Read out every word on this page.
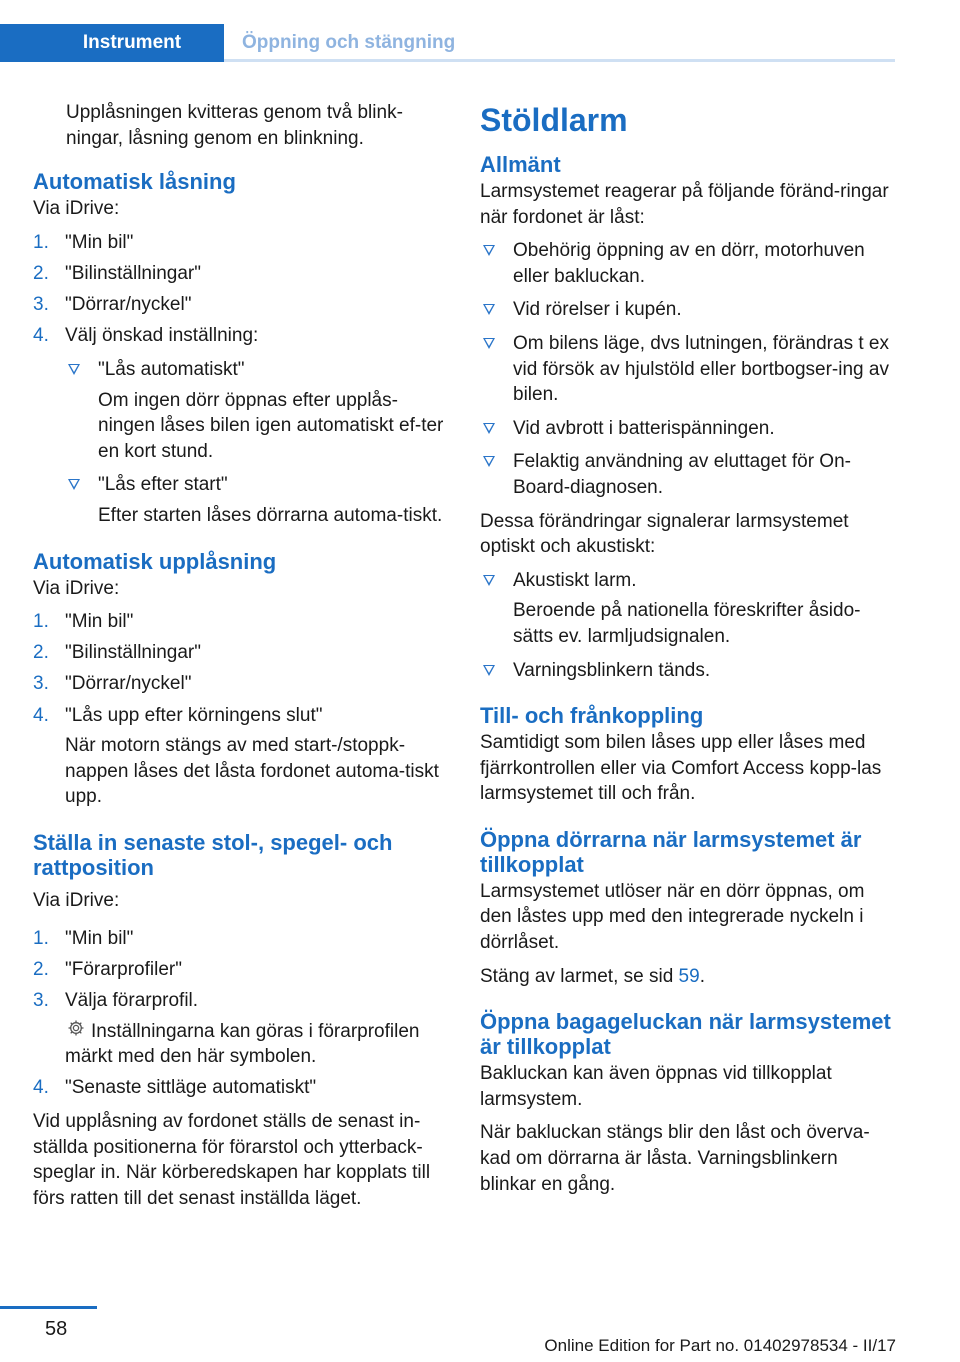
Instrument	Öppning och stängning

Upplåsningen kvitteras genom två blink‐ningar, låsning genom en blinkning.

Automatisk låsning

Via iDrive:

1. "Min bil"
2. "Bilinställningar"
3. "Dörrar/nyckel"
4. Välj önskad inställning:

"Lås automatiskt"

Om ingen dörr öppnas efter upplås‐ningen låses bilen igen automatiskt ef‐ter en kort stund.

"Lås efter start"

Efter starten låses dörrarna automa‐tiskt.

Automatisk upplåsning

Via iDrive:

1. "Min bil"
2. "Bilinställningar"
3. "Dörrar/nyckel"
4. "Lås upp efter körningens slut"

När motorn stängs av med start-/stoppk‐nappen låses det låsta fordonet automa‐tiskt upp.

Ställa in senaste stol-, spegel- och rattposition

Via iDrive:

1. "Min bil"
2. "Förarprofiler"
3. Välja förarprofil.

Inställningarna kan göras i förarprofilen märkt med den här symbolen.

4. "Senaste sittläge automatiskt"

Vid upplåsning av fordonet ställs de senast in‐ställda positionerna för förarstol och ytterback‐speglar in. När körberedskapen har kopplats till förs ratten till det senast inställda läget.

Stöldlarm
Allmänt

Larmsystemet reagerar på följande föränd‐ringar när fordonet är låst:

Obehörig öppning av en dörr, motorhuven eller bakluckan.
Vid rörelser i kupén.
Om bilens läge, dvs lutningen, förändras t ex vid försök av hjulstöld eller bortbogser‐ing av bilen.
Vid avbrott i batterispänningen.
Felaktig användning av eluttaget för On-Board-diagnosen.

Dessa förändringar signalerar larmsystemet optiskt och akustiskt:

Akustiskt larm.

Beroende på nationella föreskrifter åsido‐sätts ev. larmljudsignalen.

Varningsblinkern tänds.

Till- och frånkoppling

Samtidigt som bilen låses upp eller låses med fjärrkontrollen eller via Comfort Access kopp‐las larmsystemet till och från.

Öppna dörrarna när larmsystemet är tillkopplat

Larmsystemet utlöser när en dörr öppnas, om den låstes upp med den integrerade nyckeln i dörrlåset.

Stäng av larmet, se sid 59.

Öppna bagageluckan när larmsystemet är tillkopplat

Bakluckan kan även öppnas vid tillkopplat larmsystem.

När bakluckan stängs blir den låst och överva‐kad om dörrarna är låsta. Varningsblinkern blinkar en gång.

58
Online Edition for Part no. 01402978534 - II/17
